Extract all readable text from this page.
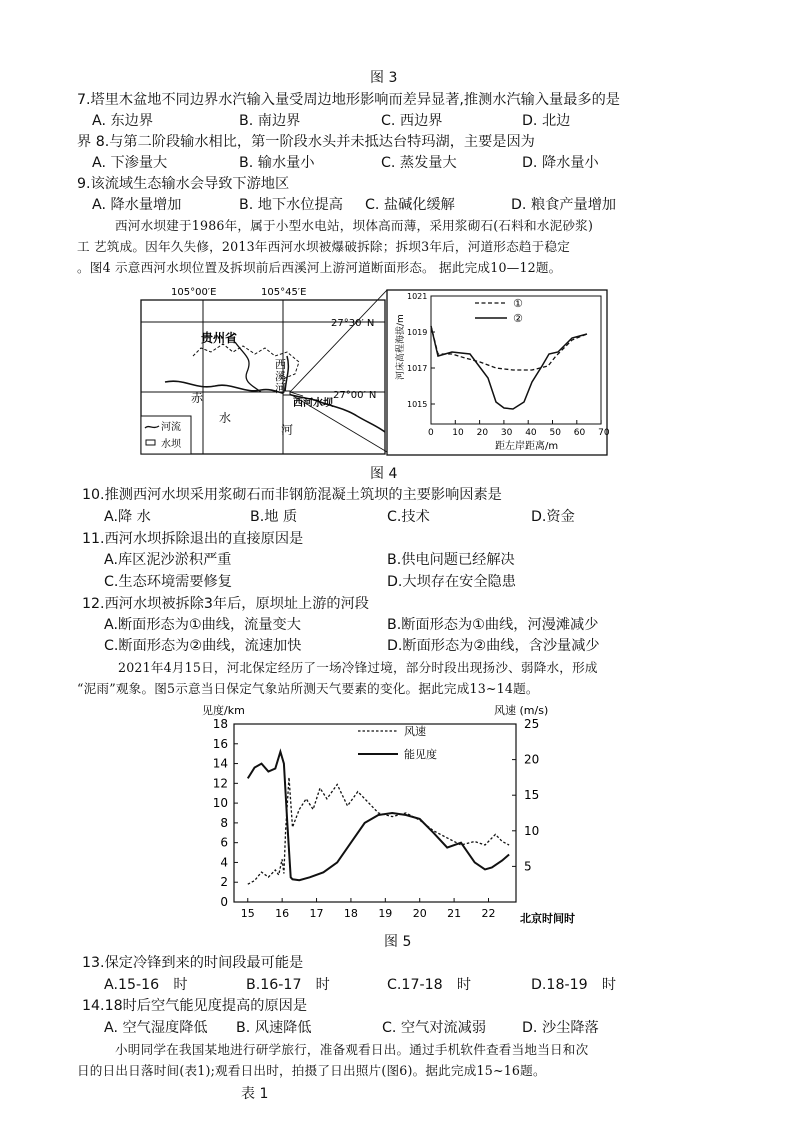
图 3
7.塔里木盆地不同边界水汽输入量受周边地形影响而差异显著,推测水汽输入量最多的是
A. 东边界	B. 南边界	C. 西边界	D. 北边
界 8.与第二阶段输水相比，第一阶段水头并未抵达台特玛湖，主要是因为
A. 下渗量大	B. 输水量小	C. 蒸发量大	D. 降水量小
9.该流域生态输水会导致下游地区
A. 降水量增加	B. 地下水位提高 C. 盐碱化缓解	D. 粮食产量增加
西河水坝建于1986年，属于小型水电站，坝体高而薄，采用浆砌石(石料和水泥砂浆)
工 艺筑成。因年久失修，2013年西河水坝被爆破拆除；拆坝3年后，河道形态趋于稳定
。图4 示意西河水坝位置及拆坝前后西溪河上游河道断面形态。 据此完成10—12题。
105°00′E	105°45′E
27°30′ N
27°00′ N
贵州省
西
溪
河
西河水坝
赤
水
河
河流
水坝
1021
1019
1017
1015
0 10 20 30 40 50 60 70
①
②
河床高程海拔/m
距左岸距离/m
图 4
10.推测西河水坝采用浆砌石而非钢筋混凝土筑坝的主要影响因素是
A.降 水	B.地 质	C.技术	D.资金
11.西河水坝拆除退出的直接原因是
A.库区泥沙淤积严重	B.供电问题已经解决
C.生态环境需要修复	D.大坝存在安全隐患
12.西河水坝被拆除3年后，原坝址上游的河段
A.断面形态为①曲线，流量变大	B.断面形态为①曲线，河漫滩减少
C.断面形态为②曲线，流速加快	D.断面形态为②曲线，含沙量减少
2021年4月15日，河北保定经历了一场冷锋过境，部分时段出现扬沙、弱降水，形成
“泥雨”观象。图5示意当日保定气象站所测天气要素的变化。据此完成13~14题。
见度/km	风速 (m/s)
18
16
14
12
10
8
6
4
2
0
25
20
15
10
5
15 16 17 18 19 20 21 22
风速
能见度
北京时间时
图 5
13.保定冷锋到来的时间段最可能是
A.15-16　时	B.16-17　时	C.17-18　时	D.18-19　时
14.18时后空气能见度提高的原因是
A. 空气湿度降低 B. 风速降低	C. 空气对流减弱	D. 沙尘降落
小明同学在我国某地进行研学旅行，准备观看日出。通过手机软件查看当地当日和次
日的日出日落时间(表1);观看日出时，拍摄了日出照片(图6)。据此完成15~16题。
表 1
